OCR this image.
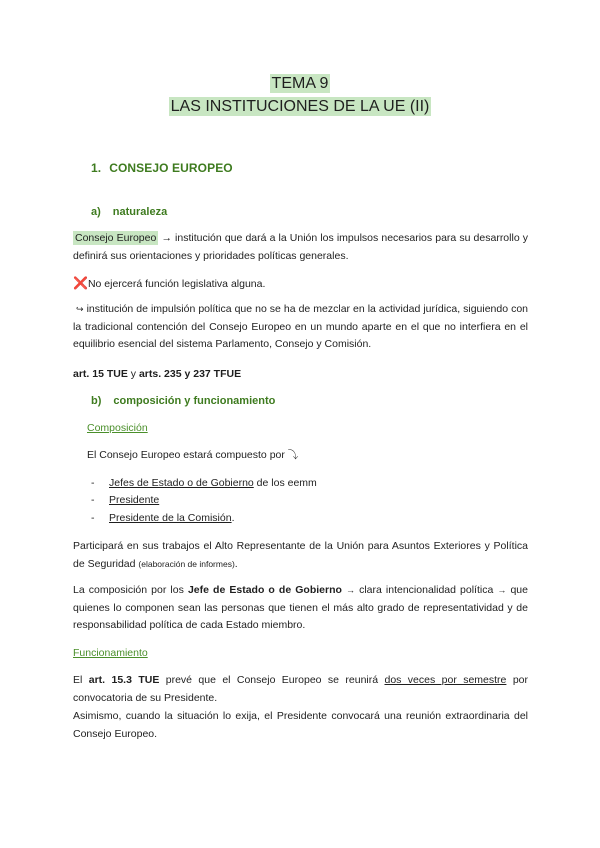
TEMA 9
LAS INSTITUCIONES DE LA UE (II)
1. CONSEJO EUROPEO
a) naturaleza
Consejo Europeo → institución que dará a la Unión los impulsos necesarios para su desarrollo y definirá sus orientaciones y prioridades políticas generales.
❌No ejercerá función legislativa alguna.
↪ institución de impulsión política que no se ha de mezclar en la actividad jurídica, siguiendo con la tradicional contención del Consejo Europeo en un mundo aparte en el que no interfiera en el equilibrio esencial del sistema Parlamento, Consejo y Comisión.
art. 15 TUE y arts. 235 y 237 TFUE
b) composición y funcionamiento
Composición
El Consejo Europeo estará compuesto por ⤵
- Jefes de Estado o de Gobierno de los eemm
- Presidente
- Presidente de la Comisión.
Participará en sus trabajos el Alto Representante de la Unión para Asuntos Exteriores y Política de Seguridad (elaboración de informes).
La composición por los Jefe de Estado o de Gobierno → clara intencionalidad política → que quienes lo componen sean las personas que tienen el más alto grado de representatividad y de responsabilidad política de cada Estado miembro.
Funcionamiento
El art. 15.3 TUE prevé que el Consejo Europeo se reunirá dos veces por semestre por convocatoria de su Presidente.
Asimismo, cuando la situación lo exija, el Presidente convocará una reunión extraordinaria del Consejo Europeo.
